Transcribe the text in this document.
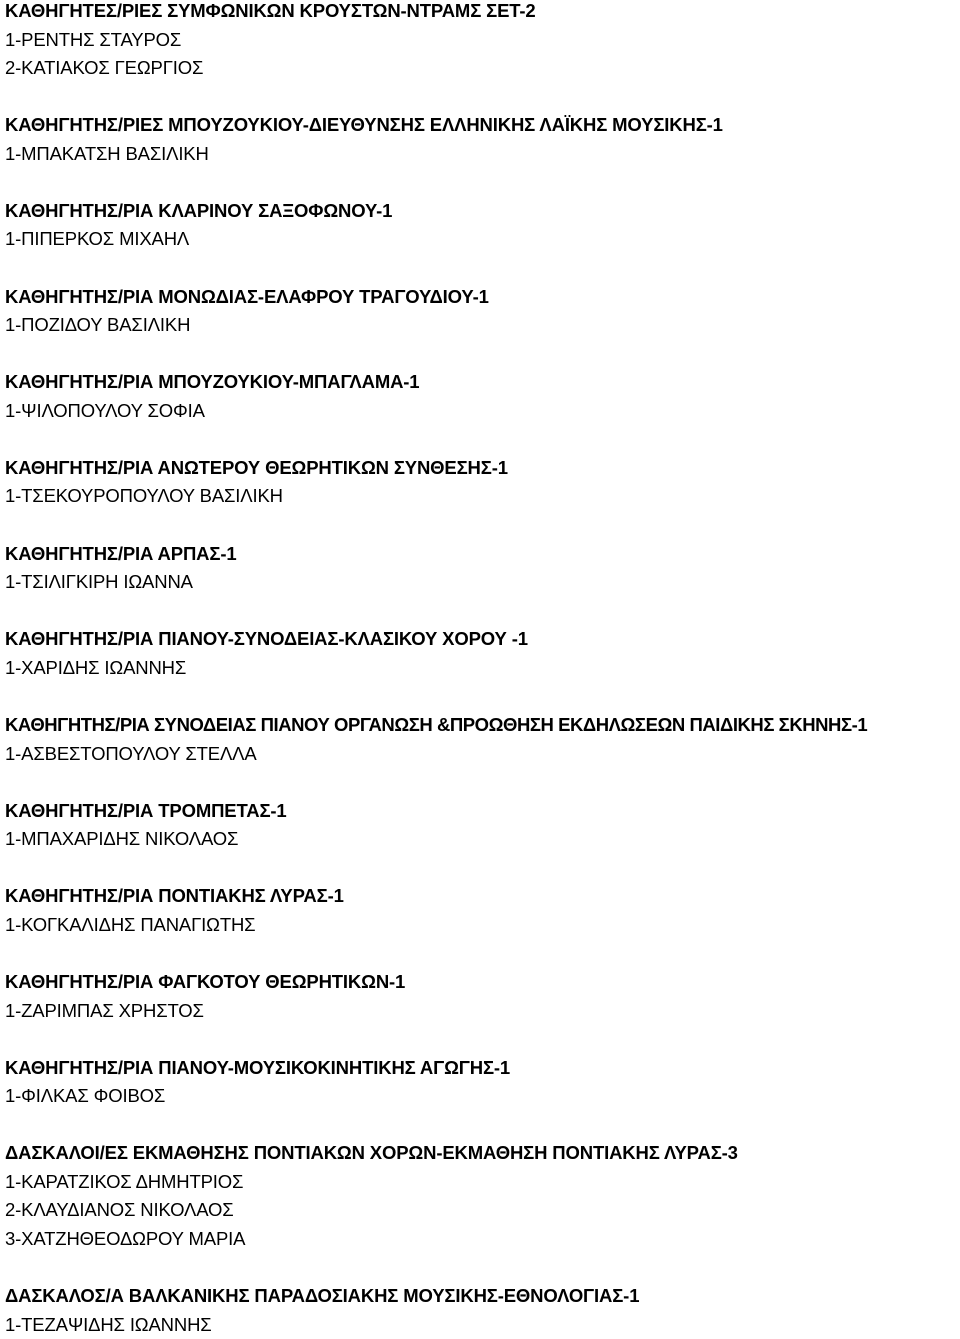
ΚΑΘΗΓΗΤΕΣ/ΡΙΕΣ ΣΥΜΦΩΝΙΚΩΝ ΚΡΟΥΣΤΩΝ-ΝΤΡΑΜΣ ΣΕΤ-2
1-ΡΕΝΤΗΣ ΣΤΑΥΡΟΣ
2-ΚΑΤΙΑΚΟΣ ΓΕΩΡΓΙΟΣ
ΚΑΘΗΓΗΤΗΣ/ΡΙΕΣ ΜΠΟΥΖΟΥΚΙΟΥ-ΔΙΕΥΘΥΝΣΗΣ ΕΛΛΗΝΙΚΗΣ ΛΑΪΚΗΣ ΜΟΥΣΙΚΗΣ-1
1-ΜΠΑΚΑΤΣΗ ΒΑΣΙΛΙΚΗ
ΚΑΘΗΓΗΤΗΣ/ΡΙΑ ΚΛΑΡΙΝΟΥ ΣΑΞΟΦΩΝΟΥ-1
1-ΠΙΠΕΡΚΟΣ ΜΙΧΑΗΛ
ΚΑΘΗΓΗΤΗΣ/ΡΙΑ ΜΟΝΩΔΙΑΣ-ΕΛΑΦΡΟΥ ΤΡΑΓΟΥΔΙΟΥ-1
1-ΠΟΖΙΔΟΥ ΒΑΣΙΛΙΚΗ
ΚΑΘΗΓΗΤΗΣ/ΡΙΑ ΜΠΟΥΖΟΥΚΙΟΥ-ΜΠΑΓΛΑΜΑ-1
1-ΨΙΛΟΠΟΥΛΟΥ ΣΟΦΙΑ
ΚΑΘΗΓΗΤΗΣ/ΡΙΑ ΑΝΩΤΕΡΟΥ ΘΕΩΡΗΤΙΚΩΝ ΣΥΝΘΕΣΗΣ-1
1-ΤΣΕΚΟΥΡΟΠΟΥΛΟΥ ΒΑΣΙΛΙΚΗ
ΚΑΘΗΓΗΤΗΣ/ΡΙΑ ΑΡΠΑΣ-1
1-ΤΣΙΛΙΓΚΙΡΗ ΙΩΑΝΝΑ
ΚΑΘΗΓΗΤΗΣ/ΡΙΑ ΠΙΑΝΟΥ-ΣΥΝΟΔΕΙΑΣ-ΚΛΑΣΙΚΟΥ ΧΟΡΟΥ -1
1-ΧΑΡΙΔΗΣ ΙΩΑΝΝΗΣ
ΚΑΘΗΓΗΤΗΣ/ΡΙΑ ΣΥΝΟΔΕΙΑΣ ΠΙΑΝΟΥ ΟΡΓΑΝΩΣΗ &ΠΡΟΩΘΗΣΗ ΕΚΔΗΛΩΣΕΩΝ ΠΑΙΔΙΚΗΣ ΣΚΗΝΗΣ-1
1-ΑΣΒΕΣΤΟΠΟΥΛΟΥ ΣΤΕΛΛΑ
ΚΑΘΗΓΗΤΗΣ/ΡΙΑ ΤΡΟΜΠΕΤΑΣ-1
1-ΜΠΑΧΑΡΙΔΗΣ ΝΙΚΟΛΑΟΣ
ΚΑΘΗΓΗΤΗΣ/ΡΙΑ ΠΟΝΤΙΑΚΗΣ ΛΥΡΑΣ-1
1-ΚΟΓΚΑΛΙΔΗΣ ΠΑΝΑΓΙΩΤΗΣ
ΚΑΘΗΓΗΤΗΣ/ΡΙΑ ΦΑΓΚΟΤΟΥ ΘΕΩΡΗΤΙΚΩΝ-1
1-ΖΑΡΙΜΠΑΣ ΧΡΗΣΤΟΣ
ΚΑΘΗΓΗΤΗΣ/ΡΙΑ ΠΙΑΝΟΥ-ΜΟΥΣΙΚΟΚΙΝΗΤΙΚΗΣ ΑΓΩΓΗΣ-1
1-ΦΙΛΚΑΣ ΦΟΙΒΟΣ
ΔΑΣΚΑΛΟΙ/ΕΣ ΕΚΜΑΘΗΣΗΣ ΠΟΝΤΙΑΚΩΝ ΧΟΡΩΝ-ΕΚΜΑΘΗΣΗ ΠΟΝΤΙΑΚΗΣ ΛΥΡΑΣ-3
1-ΚΑΡΑΤΖΙΚΟΣ ΔΗΜΗΤΡΙΟΣ
2-ΚΛΑΥΔΙΑΝΟΣ ΝΙΚΟΛΑΟΣ
3-ΧΑΤΖΗΘΕΟΔΩΡΟΥ ΜΑΡΙΑ
ΔΑΣΚΑΛΟΣ/Α ΒΑΛΚΑΝΙΚΗΣ ΠΑΡΑΔΟΣΙΑΚΗΣ ΜΟΥΣΙΚΗΣ-ΕΘΝΟΛΟΓΙΑΣ-1
1-ΤΕΖΑΨΙΔΗΣ ΙΩΑΝΝΗΣ
